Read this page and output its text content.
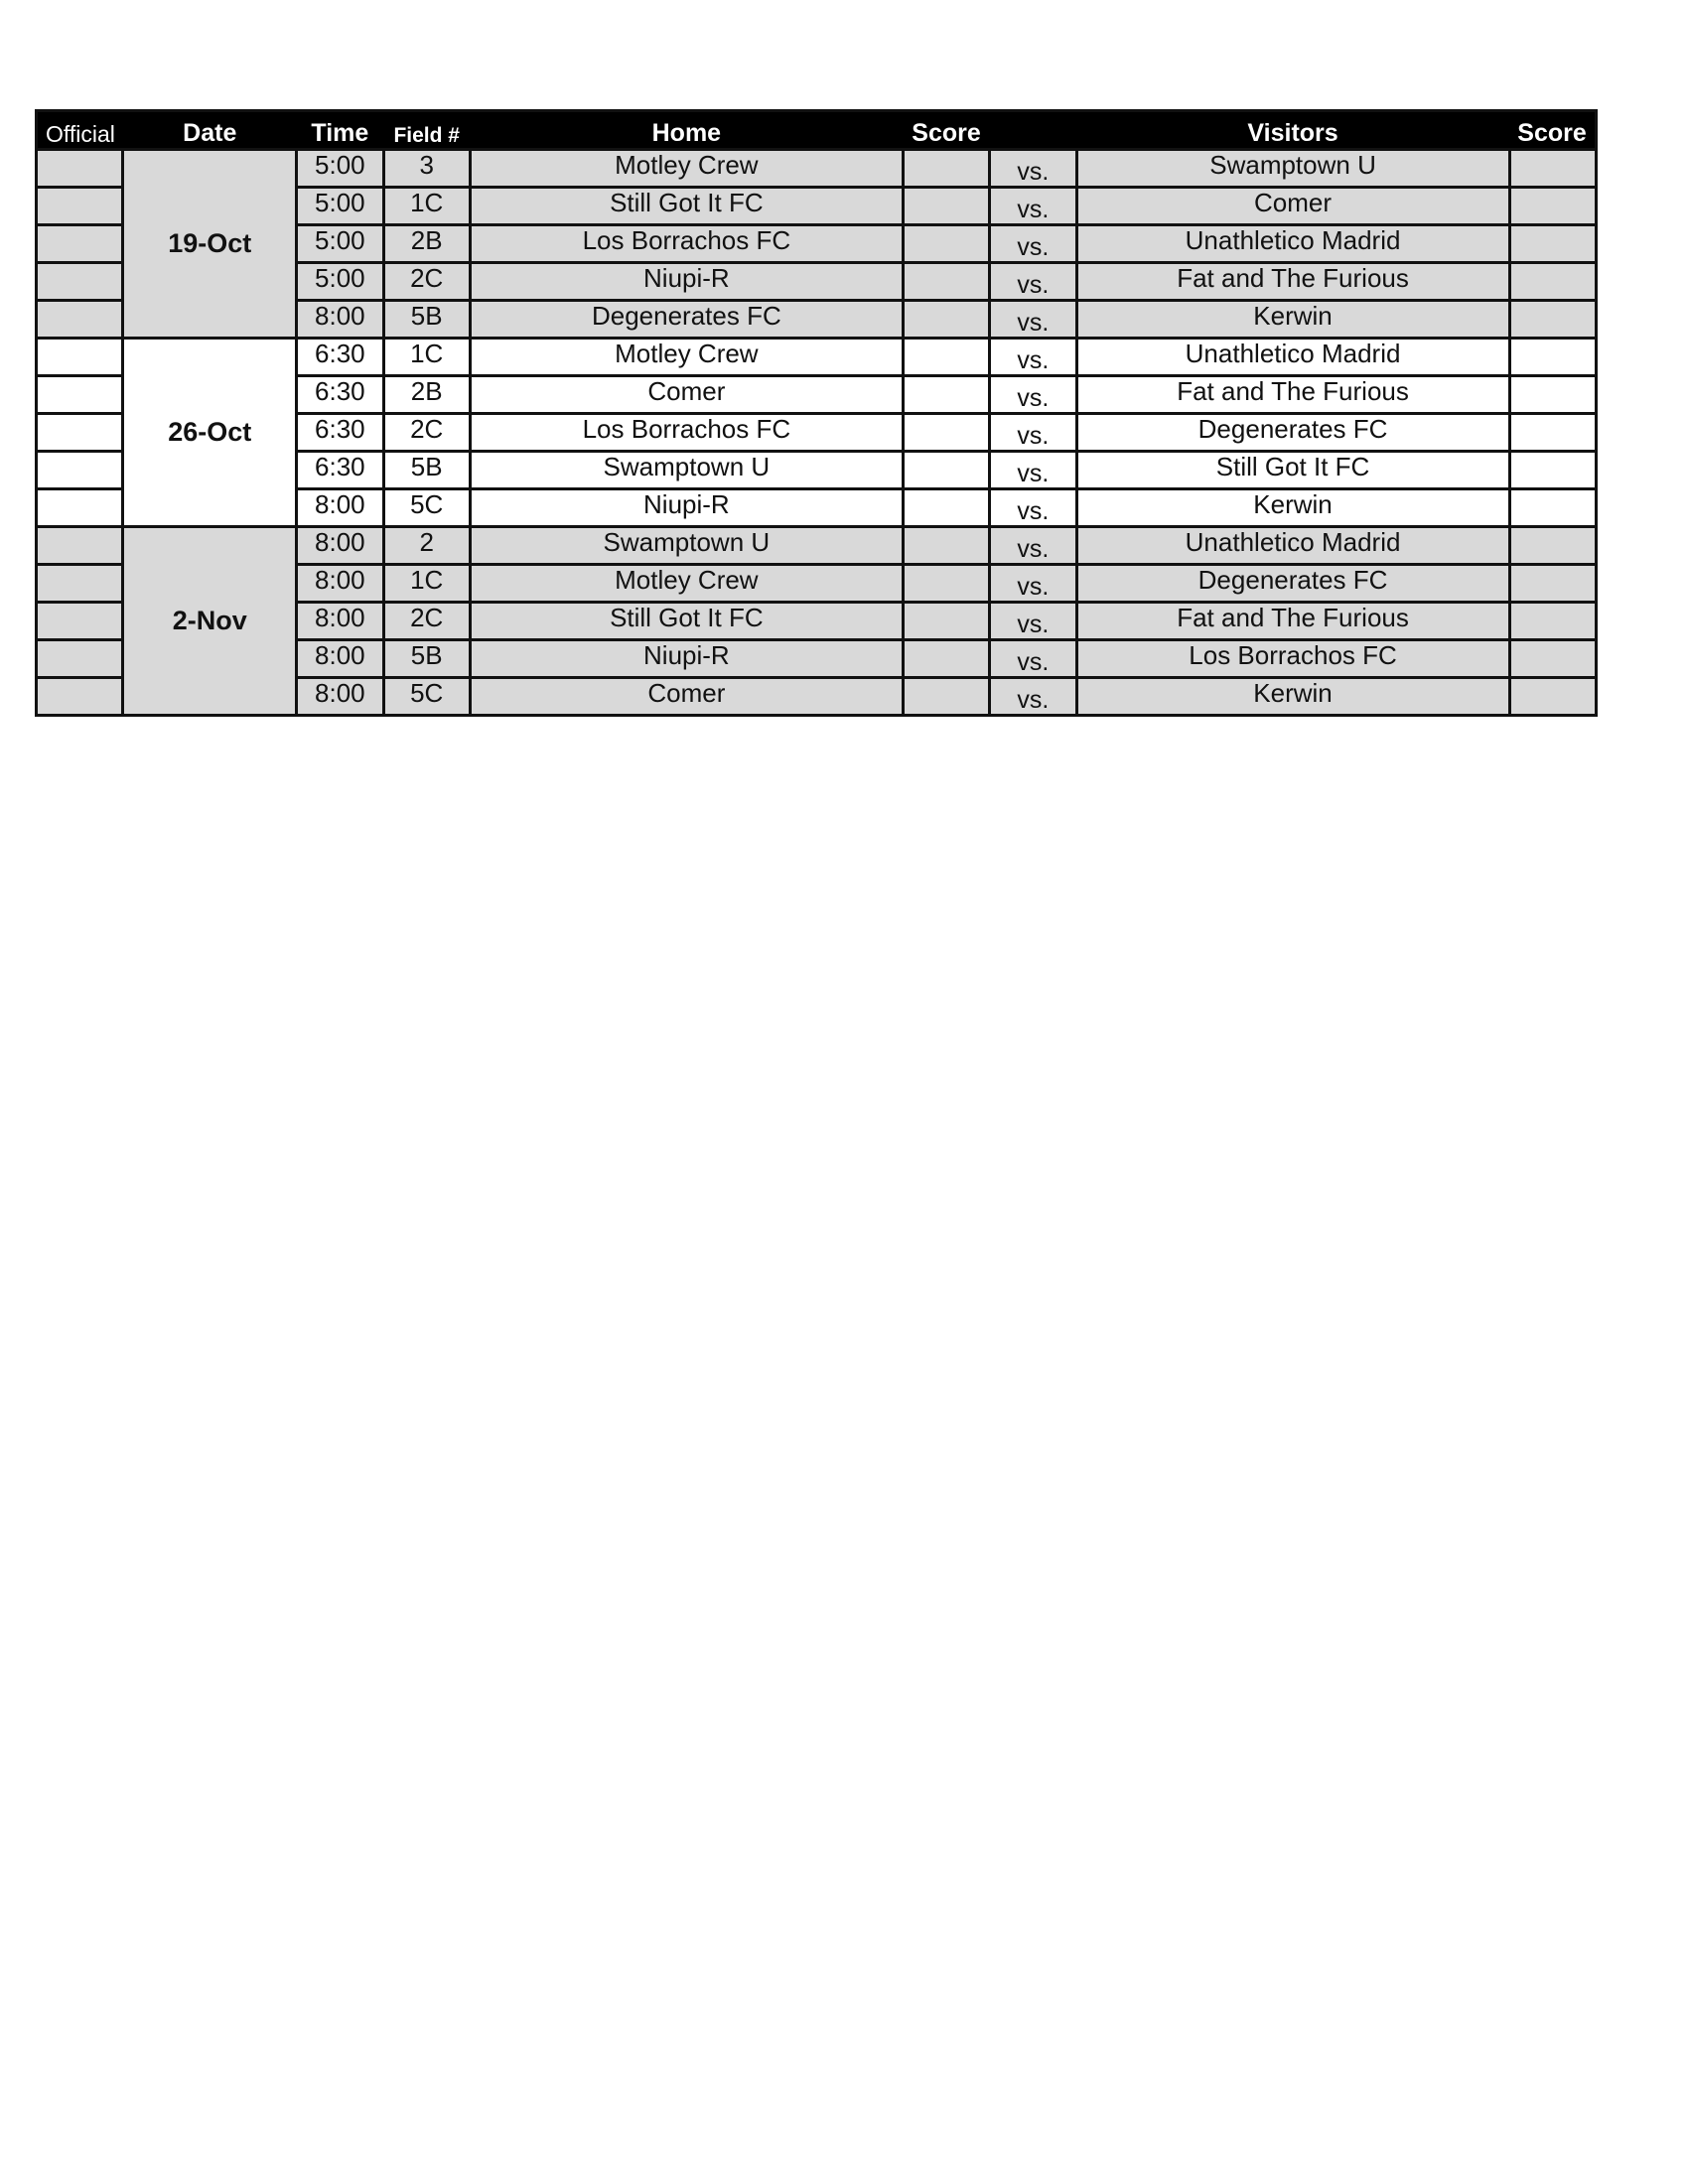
Official	Date	Time	Field #	Home	Score		Visitors	Score
	19-Oct	5:00	3	Motley Crew		vs.	Swamptown U	
		5:00	1C	Still Got It FC		vs.	Comer	
		5:00	2B	Los Borrachos FC		vs.	Unathletico Madrid	
		5:00	2C	Niupi-R		vs.	Fat and The Furious	
		8:00	5B	Degenerates FC		vs.	Kerwin	
	26-Oct	6:30	1C	Motley Crew		vs.	Unathletico Madrid	
		6:30	2B	Comer		vs.	Fat and The Furious	
		6:30	2C	Los Borrachos FC		vs.	Degenerates FC	
		6:30	5B	Swamptown U		vs.	Still Got It FC	
		8:00	5C	Niupi-R		vs.	Kerwin	
	2-Nov	8:00	2	Swamptown U		vs.	Unathletico Madrid	
		8:00	1C	Motley Crew		vs.	Degenerates FC	
		8:00	2C	Still Got It FC		vs.	Fat and The Furious	
		8:00	5B	Niupi-R		vs.	Los Borrachos FC	
		8:00	5C	Comer		vs.	Kerwin	
